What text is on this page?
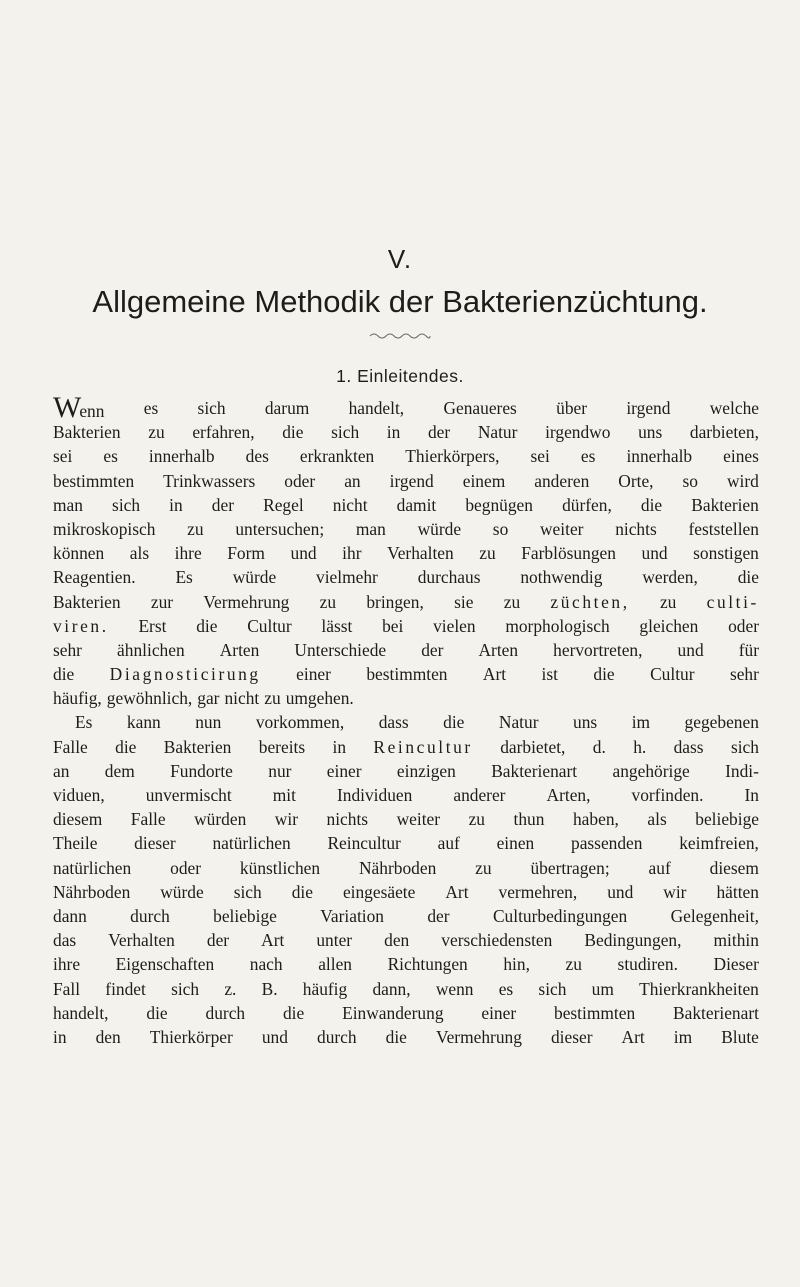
V.
Allgemeine Methodik der Bakterienzüchtung.
1. Einleitendes.
Wenn es sich darum handelt, Genaueres über irgend welche
Bakterien zu erfahren, die sich in der Natur irgendwo uns darbieten,
sei es innerhalb des erkrankten Thierkörpers, sei es innerhalb eines
bestimmten Trinkwassers oder an irgend einem anderen Orte, so wird
man sich in der Regel nicht damit begnügen dürfen, die Bakterien
mikroskopisch zu untersuchen; man würde so weiter nichts feststellen
können als ihre Form und ihr Verhalten zu Farblösungen und sonstigen
Reagentien. Es würde vielmehr durchaus nothwendig werden, die
Bakterien zur Vermehrung zu bringen, sie zu züchten, zu culti-
viren. Erst die Cultur lässt bei vielen morphologisch gleichen oder
sehr ähnlichen Arten Unterschiede der Arten hervortreten, und für
die Diagnosticirung einer bestimmten Art ist die Cultur sehr
häufig, gewöhnlich, gar nicht zu umgehen.
Es kann nun vorkommen, dass die Natur uns im gegebenen
Falle die Bakterien bereits in Reincultur darbietet, d. h. dass sich
an dem Fundorte nur einer einzigen Bakterienart angehörige Indi-
viduen, unvermischt mit Individuen anderer Arten, vorfinden. In
diesem Falle würden wir nichts weiter zu thun haben, als beliebige
Theile dieser natürlichen Reincultur auf einen passenden keimfreien,
natürlichen oder künstlichen Nährboden zu übertragen; auf diesem
Nährboden würde sich die eingesäete Art vermehren, und wir hätten
dann durch beliebige Variation der Culturbedingungen Gelegenheit,
das Verhalten der Art unter den verschiedensten Bedingungen, mithin
ihre Eigenschaften nach allen Richtungen hin, zu studiren. Dieser
Fall findet sich z. B. häufig dann, wenn es sich um Thierkrankheiten
handelt, die durch die Einwanderung einer bestimmten Bakterienart
in den Thierkörper und durch die Vermehrung dieser Art im Blute
